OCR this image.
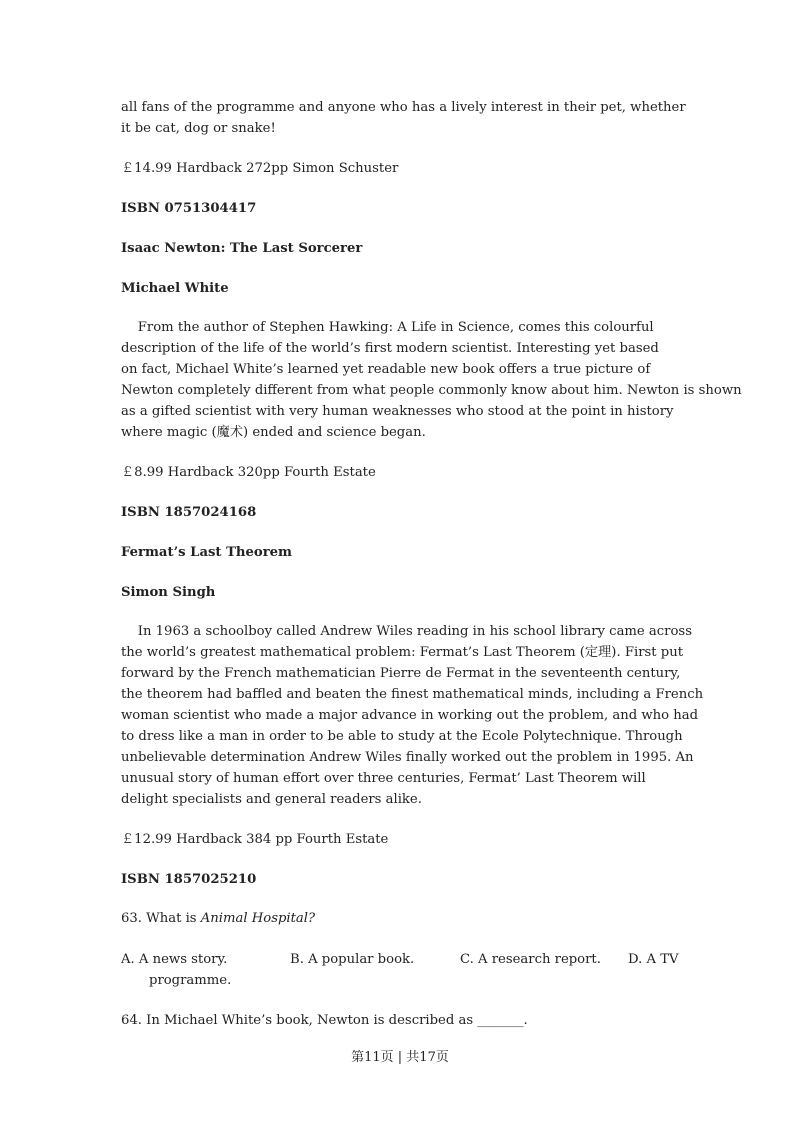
all fans of the programme and anyone who has a lively interest in their pet, whether

it be cat, dog or snake!

￡14.99 Hardback 272pp Simon Schuster

ISBN 0751304417

Isaac Newton: The Last Sorcerer

Michael White

From the author of Stephen Hawking: A Life in Science, comes this colourful

description of the life of the world’s first modern scientist. Interesting yet based

on fact, Michael White’s learned yet readable new book offers a true picture of

Newton completely different from what people commonly know about him. Newton is shown

as a gifted scientist with very human weaknesses who stood at the point in history

where magic (魔术) ended and science began.

￡8.99 Hardback 320pp Fourth Estate

ISBN 1857024168

Fermat’s Last Theorem

Simon Singh

In 1963 a schoolboy called Andrew Wiles reading in his school library came across

the world’s greatest mathematical problem: Fermat’s Last Theorem (定理). First put

forward by the French mathematician Pierre de Fermat in the seventeenth century,

the theorem had baffled and beaten the finest mathematical minds, including a French

woman scientist who made a major advance in working out the problem, and who had

to dress like a man in order to be able to study at the Ecole Polytechnique. Through

unbelievable determination Andrew Wiles finally worked out the problem in 1995. An

unusual story of human effort over three centuries, Fermat’ Last Theorem will

delight specialists and general readers alike.

￡12.99 Hardback 384 pp Fourth Estate

ISBN 1857025210

63. What is Animal Hospital?

A. A news story.	B. A popular book.	C. A research report. D. A TV

programme.

64. In Michael White’s book, Newton is described as _______.

第11页 | 共17页
